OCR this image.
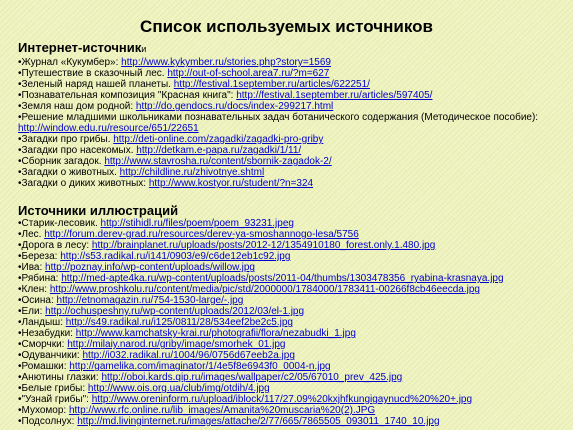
Список используемых источников
Интернет-источники
•Журнал «Кукумбер»: http://www.kykymber.ru/stories.php?story=1569
•Путешествие в сказочный лес. http://out-of-school.area7.ru/?m=627
•Зеленый наряд нашей планеты. http://festival.1september.ru/articles/622251/
•Познавательная композиция "Красная книга": http://festival.1september.ru/articles/597405/
•Земля наш дом родной: http://do.gendocs.ru/docs/index-299217.html
•Решение младшими школьниками познавательных задач ботанического содержания (Методическое пособие): http://window.edu.ru/resource/651/22651
•Загадки про грибы. http://deti-online.com/zagadki/zagadki-pro-griby
•Загадки про насекомых. http://detkam.e-papa.ru/zagadki/1/11/
•Сборник загадок. http://www.stavrosha.ru/content/sbornik-zagadok-2/
•Загадки о животных. http://childline.ru/zhivotnye.shtml
•Загадки о диких животных: http://www.kostyor.ru/student/?n=324
Источники иллюстраций
•Старик-лесовик. http://stihidl.ru/files/poem/poem_93231.jpeg
•Лес. http://forum.derev-grad.ru/resources/derev-ya-smoshannogo-lesa/5756
•Дорога в лесу: http://brainplanet.ru/uploads/posts/2012-12/1354910180_forest.only.1.480.jpg
•Береза: http://s53.radikal.ru/i141/0903/e9/c6de12eb1c92.jpg
•Ива: http://poznay.info/wp-content/uploads/willow.jpg
•Рябина: http://med-apte4ka.ru/wp-content/uploads/posts/2011-04/thumbs/1303478356_ryabina-krasnaya.jpg
•Клен: http://www.proshkolu.ru/content/media/pic/std/2000000/1784000/1783411-00266f8cb46eecda.jpg
•Осина: http://etnomagazin.ru/754-1530-large/-.jpg
•Ели: http://ochuspeshny.ru/wp-content/uploads/2012/03/el-1.jpg
•Ландыш: http://s49.radikal.ru/i125/0811/28/534eef2be2c5.jpg
•Незабудки: http://www.kamchatsky-krai.ru/photografii/flora/nezabudki_1.jpg
•Сморчки: http://milaiy.narod.ru/griby/image/smorhek_01.jpg
•Одуванчики: http://i032.radikal.ru/1004/96/0756d67eeb2a.jpg
•Ромашки: http://gamelika.com/imaginator/1/4e5f8e6943f0_0004-n.jpg
•Анютины глазки: http://oboi.kards.qip.ru/images/wallpaper/c2/05/67010_prev_425.jpg
•Белые грибы: http://www.ois.org.ua/club/img/otdih/4.jpg
•"Узнай грибы": http://www.oreninform.ru/upload/iblock/117/27.09%20kxjhfkungigaynucd%20%20+.jpg
•Мухомор: http://www.rfc.online.ru/lib_images/Amanita%20muscaria%20(2).JPG
•Подсолнух: http://md.livinginternet.ru/images/attache/2/77/665/7865505_093011_1740_10.jpg
